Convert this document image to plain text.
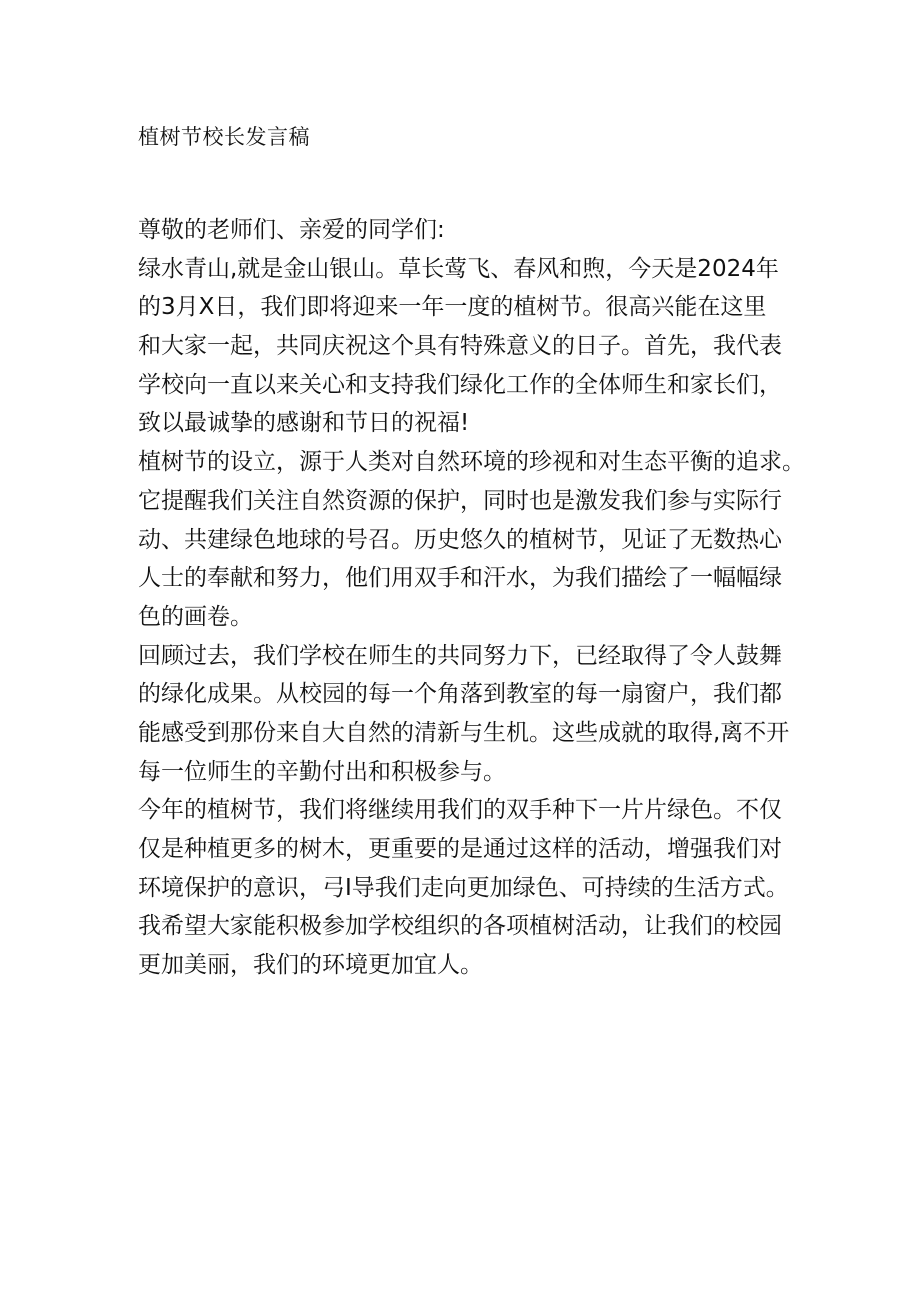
植树节校长发言稿
尊敬的老师们、亲爱的同学们:
绿水青山,就是金山银山。草长莺飞、春风和煦，今天是2024年
的3月X日，我们即将迎来一年一度的植树节。很高兴能在这里
和大家一起，共同庆祝这个具有特殊意义的日子。首先，我代表
学校向一直以来关心和支持我们绿化工作的全体师生和家长们，
致以最诚挚的感谢和节日的祝福!
植树节的设立，源于人类对自然环境的珍视和对生态平衡的追求。
它提醒我们关注自然资源的保护，同时也是激发我们参与实际行
动、共建绿色地球的号召。历史悠久的植树节，见证了无数热心
人士的奉献和努力，他们用双手和汗水，为我们描绘了一幅幅绿
色的画卷。
回顾过去，我们学校在师生的共同努力下，已经取得了令人鼓舞
的绿化成果。从校园的每一个角落到教室的每一扇窗户，我们都
能感受到那份来自大自然的清新与生机。这些成就的取得,离不开
每一位师生的辛勤付出和积极参与。
今年的植树节，我们将继续用我们的双手种下一片片绿色。不仅
仅是种植更多的树木，更重要的是通过这样的活动，增强我们对
环境保护的意识，弓I导我们走向更加绿色、可持续的生活方式。
我希望大家能积极参加学校组织的各项植树活动，让我们的校园
更加美丽，我们的环境更加宜人。
